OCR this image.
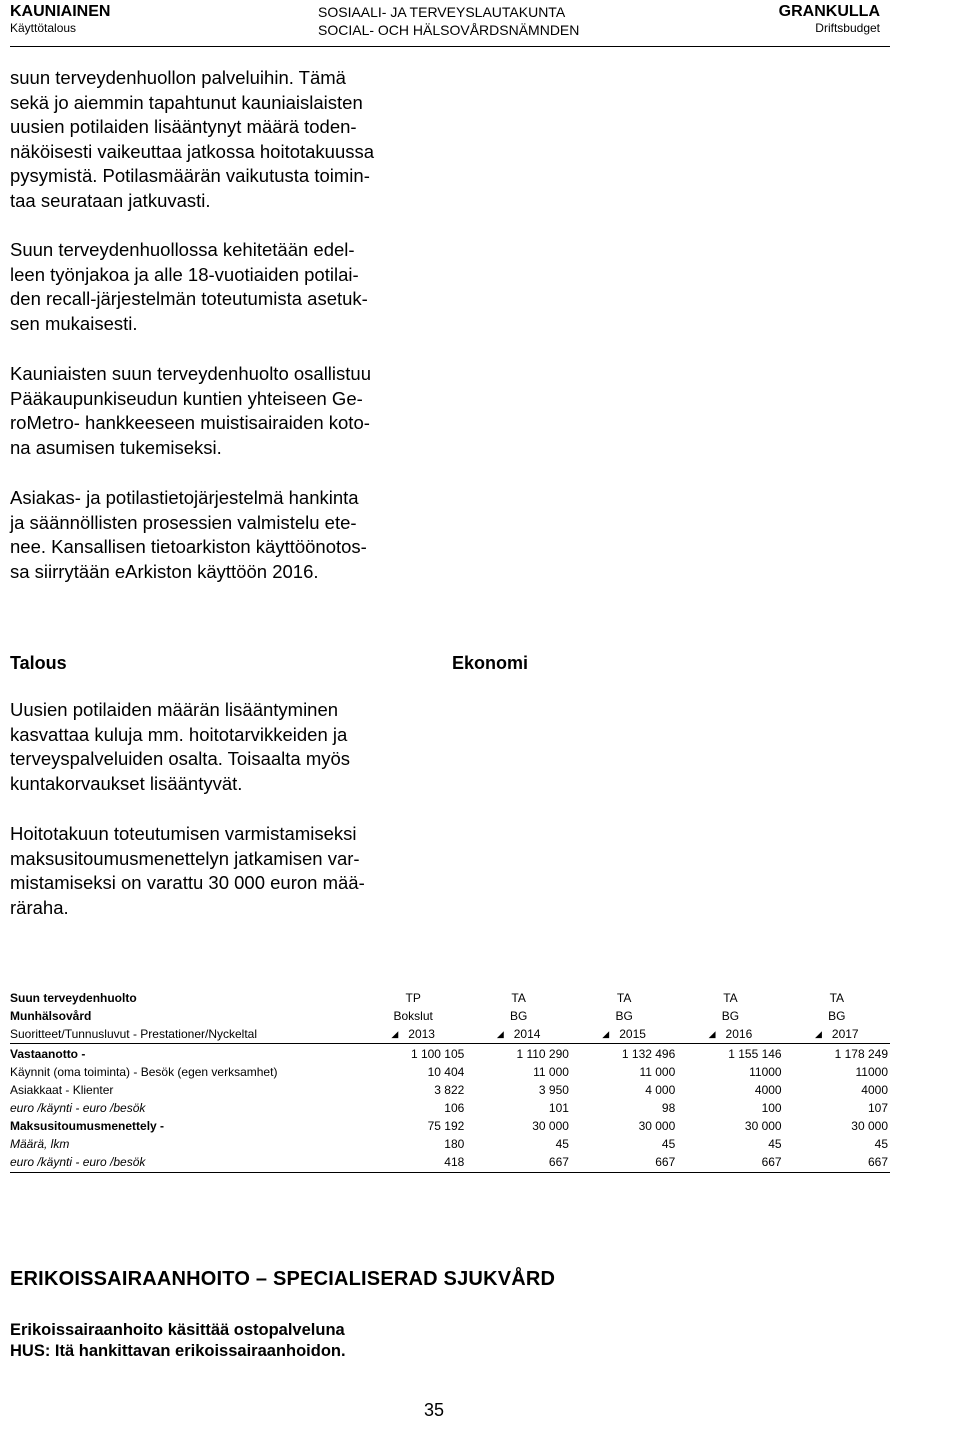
KAUNIAINEN
Käyttötalous
SOSIAALI- JA TERVEYSLAUTAKUNTA
SOCIAL- OCH HÄLSOVÅRDSNÄMNDEN
GRANKULLA
Driftsbudget
suun terveydenhuollon palveluihin. Tämä
sekä jo aiemmin tapahtunut kauniaislaisten
uusien potilaiden lisääntynyt määrä toden-
näköisesti vaikeuttaa jatkossa hoitotakuussa
pysymistä. Potilasmäärän vaikutusta toimin-
taa seurataan jatkuvasti.
Suun terveydenhuollossa kehitetään edel-
leen työnjakoa ja alle 18-vuotiaiden potilai-
den recall-järjestelmän toteutumista asetuk-
sen mukaisesti.
Kauniaisten suun terveydenhuolto osallistuu
Pääkaupunkiseudun kuntien yhteiseen Ge-
roMetro- hankkeeseen muistisairaiden koto-
na asumisen tukemiseksi.
Asiakas- ja potilastietojärjestelmä hankinta
ja säännöllisten prosessien valmistelu ete-
nee. Kansallisen tietoarkiston käyttöönotos-
sa siirrytään eArkiston käyttöön 2016.
Talous	Ekonomi
Uusien potilaiden määrän lisääntyminen
kasvattaa kuluja mm. hoitotarvikkeiden ja
terveyspalveluiden osalta. Toisaalta myös
kuntakorvaukset lisääntyvät.
Hoitotakuun toteutumisen varmistamiseksi
maksusitoumusmenettelyn jatkamisen var-
mistamiseksi on varattu 30 000 euron mää-
räraha.
Suun terveydenhuolto	TP	TA	TA	TA	TA
Munhälsovård	Bokslut	BG	BG	BG	BG
Suoritteet/Tunnusluvut - Prestationer/Nyckeltal	◢ 2013	◢ 2014	◢ 2015	◢ 2016	◢ 2017
Vastaanotto -	1 100 105	1 110 290	1 132 496	1 155 146	1 178 249
Käynnit (oma toiminta) - Besök (egen verksamhet)	10 404	11 000	11 000	11000	11000
Asiakkaat - Klienter	3 822	3 950	4 000	4000	4000
euro /käynti - euro /besök	106	101	98	100	107
Maksusitoumusmenettely -	75 192	30 000	30 000	30 000	30 000
Määrä, lkm	180	45	45	45	45
euro /käynti - euro /besök	418	667	667	667	667
ERIKOISSAIRAANHOITO – SPECIALISERAD SJUKVÅRD
Erikoissairaanhoito käsittää ostopalveluna
HUS: Itä hankittavan erikoissairaanhoidon.
35
